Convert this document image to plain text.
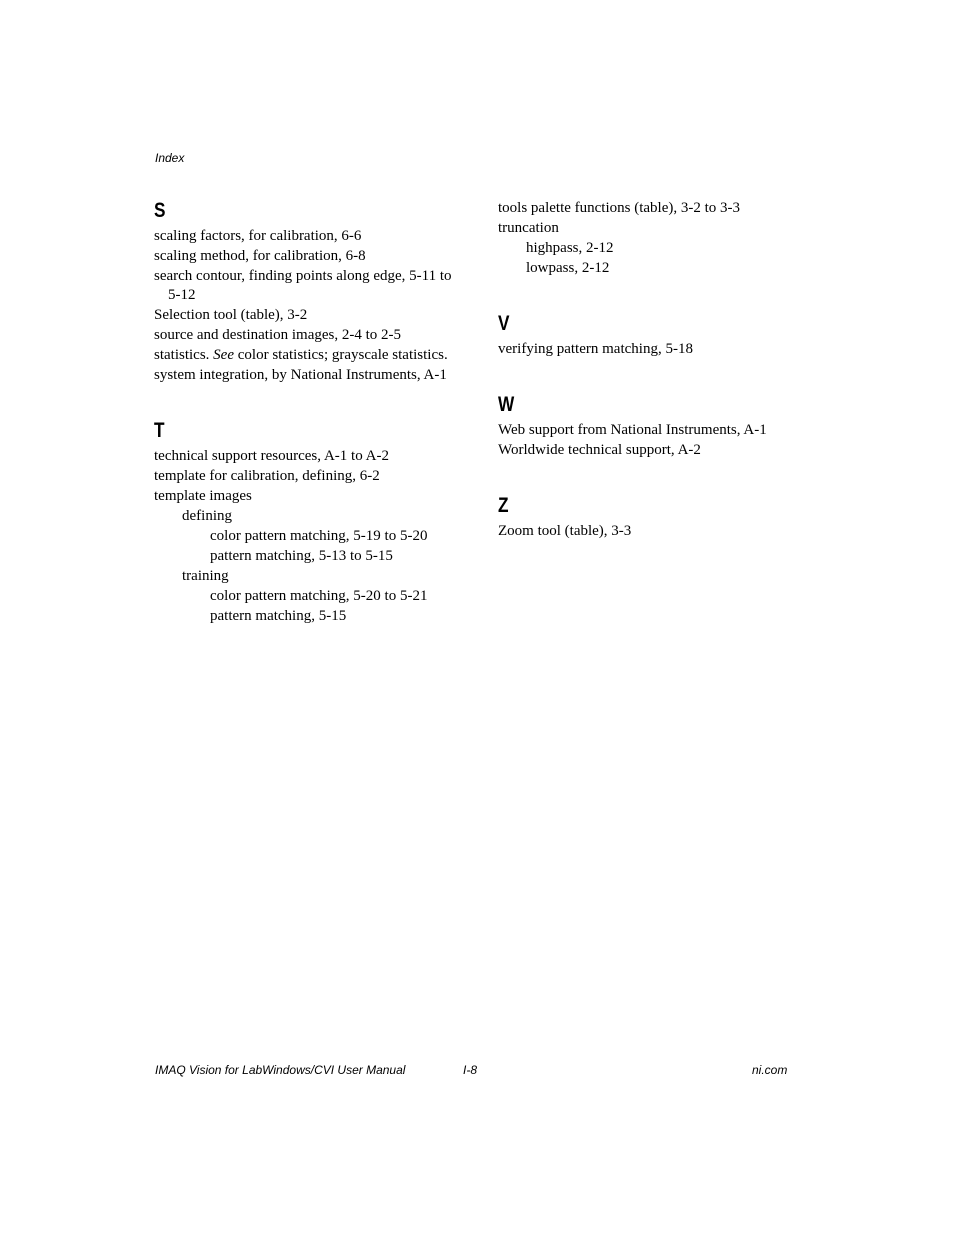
Index
S
scaling factors, for calibration, 6-6
scaling method, for calibration, 6-8
search contour, finding points along edge, 5-11 to 5-12
Selection tool (table), 3-2
source and destination images, 2-4 to 2-5
statistics. See color statistics; grayscale statistics.
system integration, by National Instruments, A-1
T
technical support resources, A-1 to A-2
template for calibration, defining, 6-2
template images
defining
color pattern matching, 5-19 to 5-20
pattern matching, 5-13 to 5-15
training
color pattern matching, 5-20 to 5-21
pattern matching, 5-15
tools palette functions (table), 3-2 to 3-3
truncation
highpass, 2-12
lowpass, 2-12
V
verifying pattern matching, 5-18
W
Web support from National Instruments, A-1
Worldwide technical support, A-2
Z
Zoom tool (table), 3-3
IMAQ Vision for LabWindows/CVI User Manual	I-8	ni.com
